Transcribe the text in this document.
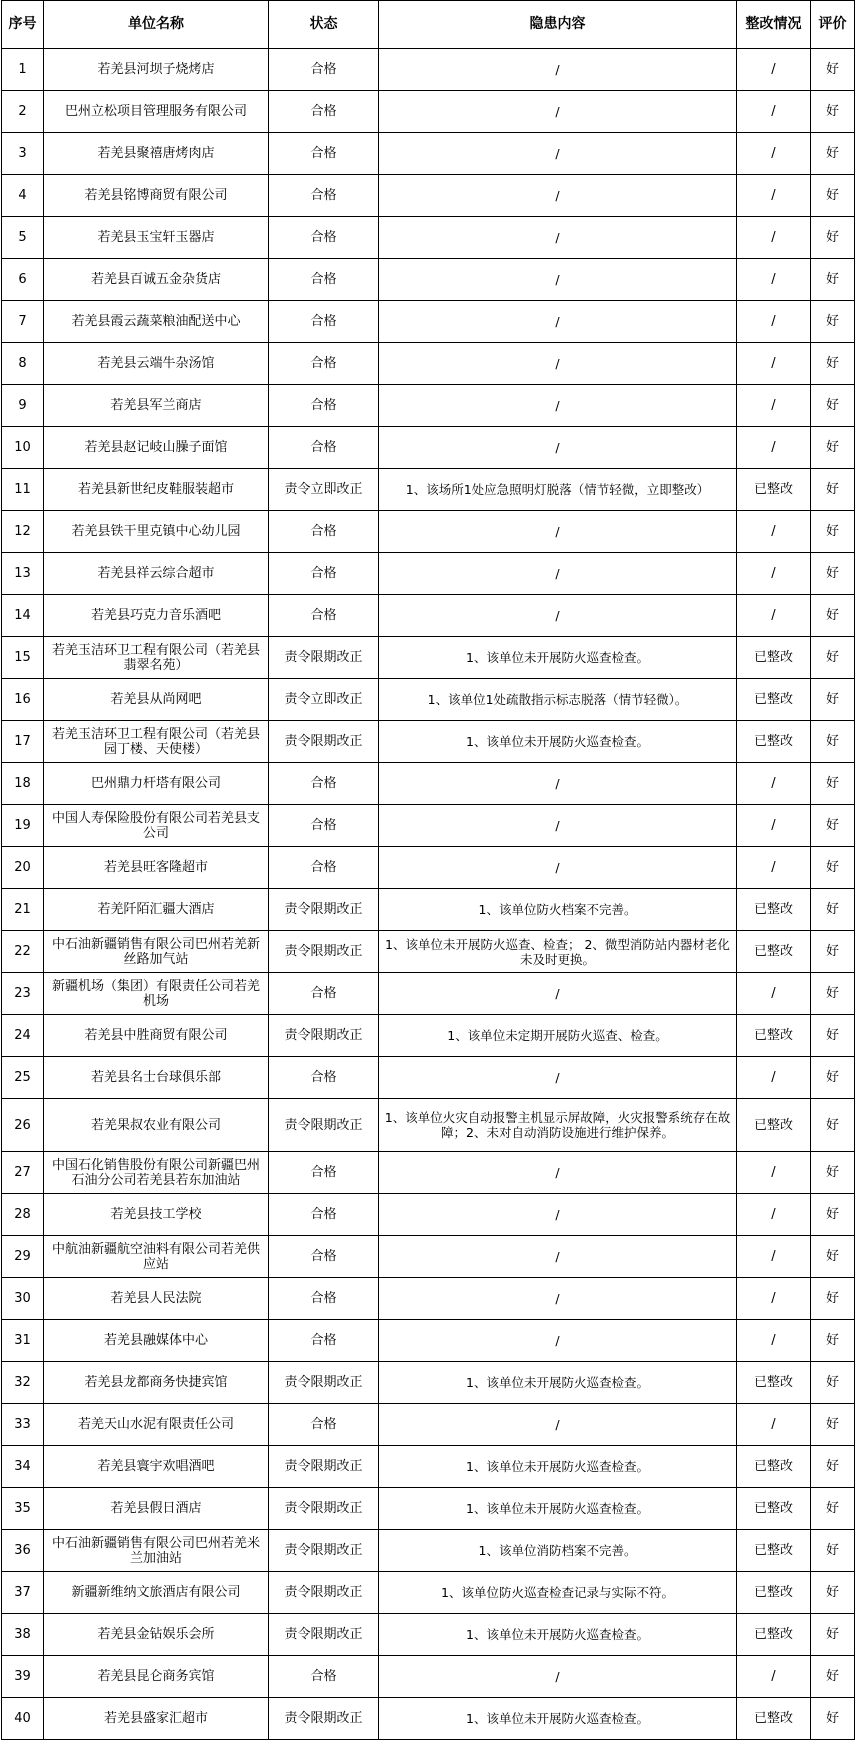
序号	单位名称	状态	隐患内容	整改情况	评价
1	若羌县河坝子烧烤店	合格	/	/	好
2	巴州立松项目管理服务有限公司	合格	/	/	好
3	若羌县聚禧唐烤肉店	合格	/	/	好
4	若羌县铭博商贸有限公司	合格	/	/	好
5	若羌县玉宝轩玉器店	合格	/	/	好
6	若羌县百诚五金杂货店	合格	/	/	好
7	若羌县霞云蔬菜粮油配送中心	合格	/	/	好
8	若羌县云端牛杂汤馆	合格	/	/	好
9	若羌县军兰商店	合格	/	/	好
10	若羌县赵记岐山臊子面馆	合格	/	/	好
11	若羌县新世纪皮鞋服装超市	责令立即改正	1、该场所1处应急照明灯脱落（情节轻微，立即整改）	已整改	好
12	若羌县铁干里克镇中心幼儿园	合格	/	/	好
13	若羌县祥云综合超市	合格	/	/	好
14	若羌县巧克力音乐酒吧	合格	/	/	好
15	若羌玉洁环卫工程有限公司（若羌县翡翠名苑）	责令限期改正	1、该单位未开展防火巡查检查。	已整改	好
16	若羌县从尚网吧	责令立即改正	1、该单位1处疏散指示标志脱落（情节轻微）。	已整改	好
17	若羌玉洁环卫工程有限公司（若羌县园丁楼、天使楼）	责令限期改正	1、该单位未开展防火巡查检查。	已整改	好
18	巴州鼎力杆塔有限公司	合格	/	/	好
19	中国人寿保险股份有限公司若羌县支公司	合格	/	/	好
20	若羌县旺客隆超市	合格	/	/	好
21	若羌阡陌汇疆大酒店	责令限期改正	1、该单位防火档案不完善。	已整改	好
22	中石油新疆销售有限公司巴州若羌新丝路加气站	责令限期改正	1、该单位未开展防火巡查、检查； 2、微型消防站内器材老化未及时更换。	已整改	好
23	新疆机场（集团）有限责任公司若羌机场	合格	/	/	好
24	若羌县中胜商贸有限公司	责令限期改正	1、该单位未定期开展防火巡查、检查。	已整改	好
25	若羌县名士台球俱乐部	合格	/	/	好
26	若羌果叔农业有限公司	责令限期改正	1、该单位火灾自动报警主机显示屏故障，火灾报警系统存在故障；2、未对自动消防设施进行维护保养。	已整改	好
27	中国石化销售股份有限公司新疆巴州石油分公司若羌县若东加油站	合格	/	/	好
28	若羌县技工学校	合格	/	/	好
29	中航油新疆航空油料有限公司若羌供应站	合格	/	/	好
30	若羌县人民法院	合格	/	/	好
31	若羌县融媒体中心	合格	/	/	好
32	若羌县龙都商务快捷宾馆	责令限期改正	1、该单位未开展防火巡查检查。	已整改	好
33	若羌天山水泥有限责任公司	合格	/	/	好
34	若羌县寰宇欢唱酒吧	责令限期改正	1、该单位未开展防火巡查检查。	已整改	好
35	若羌县假日酒店	责令限期改正	1、该单位未开展防火巡查检查。	已整改	好
36	中石油新疆销售有限公司巴州若羌米兰加油站	责令限期改正	1、该单位消防档案不完善。	已整改	好
37	新疆新维纳文旅酒店有限公司	责令限期改正	1、该单位防火巡查检查记录与实际不符。	已整改	好
38	若羌县金钻娱乐会所	责令限期改正	1、该单位未开展防火巡查检查。	已整改	好
39	若羌县昆仑商务宾馆	合格	/	/	好
40	若羌县盛家汇超市	责令限期改正	1、该单位未开展防火巡查检查。	已整改	好
